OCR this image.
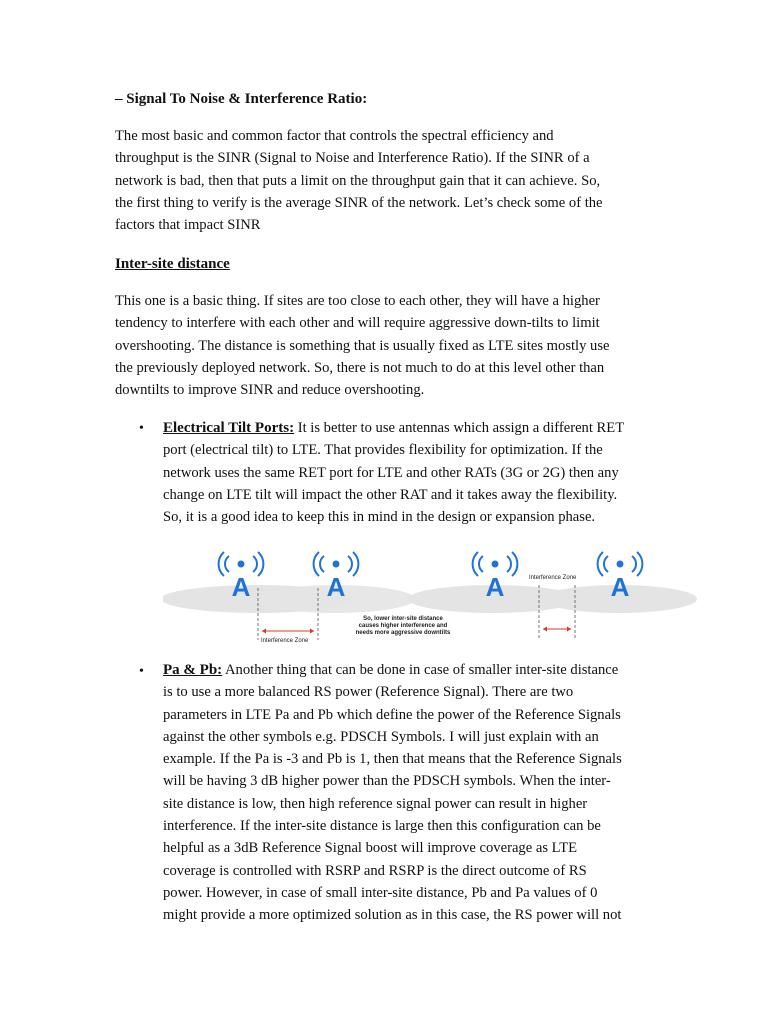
– Signal To Noise & Interference Ratio:

The most basic and common factor that controls the spectral efficiency and
throughput is the SINR (Signal to Noise and Interference Ratio). If the SINR of a
network is bad, then that puts a limit on the throughput gain that it can achieve. So,
the first thing to verify is the average SINR of the network. Let’s check some of the
factors that impact SINR

Inter-site distance

This one is a basic thing. If sites are too close to each other, they will have a higher
tendency to interfere with each other and will require aggressive down-tilts to limit
overshooting. The distance is something that is usually fixed as LTE sites mostly use
the previously deployed network. So, there is not much to do at this level other than
downtilts to improve SINR and reduce overshooting.

• Electrical Tilt Ports: It is better to use antennas which assign a different RET
port (electrical tilt) to LTE. That provides flexibility for optimization. If the
network uses the same RET port for LTE and other RATs (3G or 2G) then any
change on LTE tilt will impact the other RAT and it takes away the flexibility.
So, it is a good idea to keep this in mind in the design or expansion phase.

A	A	A	A
Interference Zone
Interference Zone
So, lower inter-site distance
causes higher interference and
needs more aggressive downtilts
• Pa & Pb: Another thing that can be done in case of smaller inter-site distance
is to use a more balanced RS power (Reference Signal). There are two
parameters in LTE Pa and Pb which define the power of the Reference Signals
against the other symbols e.g. PDSCH Symbols. I will just explain with an
example. If the Pa is -3 and Pb is 1, then that means that the Reference Signals
will be having 3 dB higher power than the PDSCH symbols. When the inter-
site distance is low, then high reference signal power can result in higher
interference. If the inter-site distance is large then this configuration can be
helpful as a 3dB Reference Signal boost will improve coverage as LTE
coverage is controlled with RSRP and RSRP is the direct outcome of RS
power. However, in case of small inter-site distance, Pb and Pa values of 0
might provide a more optimized solution as in this case, the RS power will not
